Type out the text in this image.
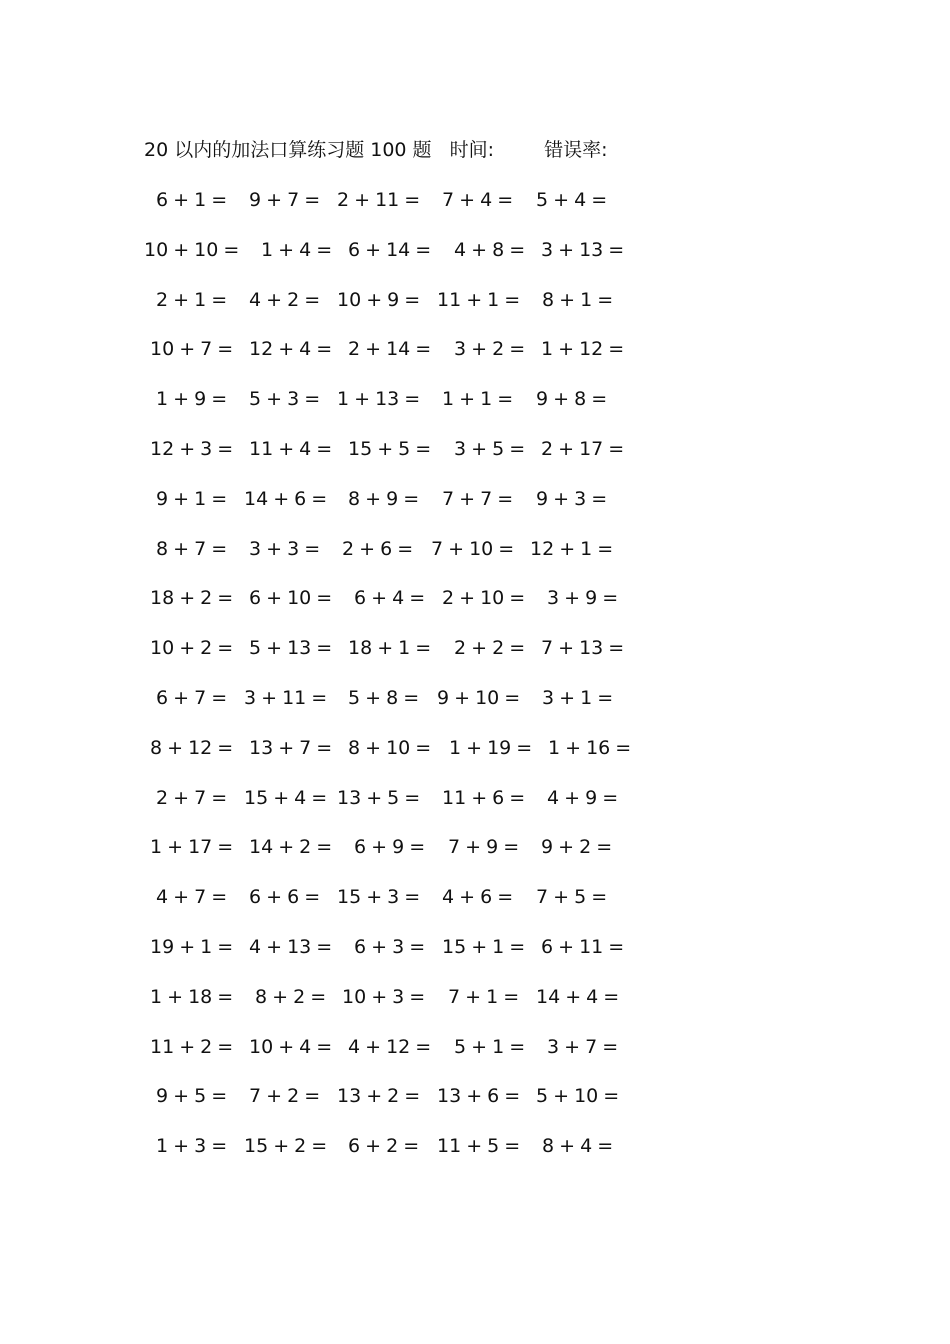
20 以内的加法口算练习题 100 题 时间:	错误率:
6 + 1 = 9 + 7 = 2 + 11 = 7 + 4 = 5 + 4 =
10 + 10 = 1 + 4 = 6 + 14 = 4 + 8 = 3 + 13 =
2 + 1 = 4 + 2 = 10 + 9 = 11 + 1 = 8 + 1 =
10 + 7 = 12 + 4 = 2 + 14 = 3 + 2 = 1 + 12 =
1 + 9 = 5 + 3 = 1 + 13 = 1 + 1 = 9 + 8 =
12 + 3 = 11 + 4 = 15 + 5 = 3 + 5 = 2 + 17 =
9 + 1 = 14 + 6 = 8 + 9 = 7 + 7 = 9 + 3 =
8 + 7 = 3 + 3 = 2 + 6 = 7 + 10 = 12 + 1 =
18 + 2 = 6 + 10 = 6 + 4 = 2 + 10 = 3 + 9 =
10 + 2 = 5 + 13 = 18 + 1 = 2 + 2 = 7 + 13 =
6 + 7 = 3 + 11 = 5 + 8 = 9 + 10 = 3 + 1 =
8 + 12 = 13 + 7 = 8 + 10 = 1 + 19 = 1 + 16 =
2 + 7 = 15 + 4 = 13 + 5 = 11 + 6 = 4 + 9 =
1 + 17 = 14 + 2 = 6 + 9 = 7 + 9 = 9 + 2 =
4 + 7 = 6 + 6 = 15 + 3 = 4 + 6 = 7 + 5 =
19 + 1 = 4 + 13 = 6 + 3 = 15 + 1 = 6 + 11 =
1 + 18 = 8 + 2 = 10 + 3 = 7 + 1 = 14 + 4 =
11 + 2 = 10 + 4 = 4 + 12 = 5 + 1 = 3 + 7 =
9 + 5 = 7 + 2 = 13 + 2 = 13 + 6 = 5 + 10 =
1 + 3 = 15 + 2 = 6 + 2 = 11 + 5 = 8 + 4 =
